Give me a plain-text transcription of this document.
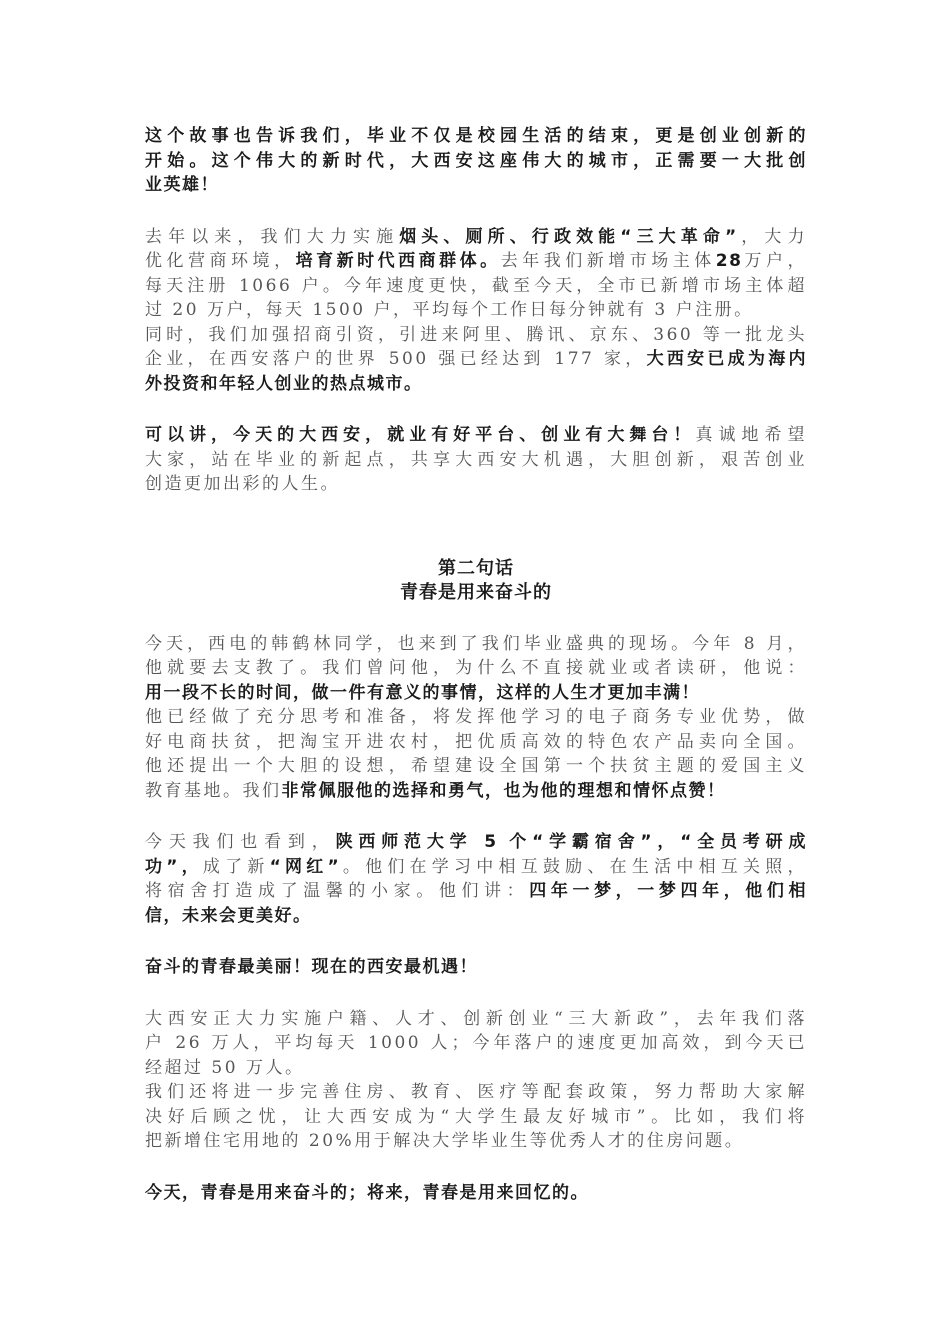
这个故事也告诉我们，毕业不仅是校园生活的结束，更是创业创新的
开始。这个伟大的新时代，大西安这座伟大的城市，正需要一大批创
业英雄！
去年以来，我们大力实施烟头、厕所、行政效能“三大革命”，大力
优化营商环境，培育新时代西商群体。去年我们新增市场主体28万户，
每天注册 1066 户。今年速度更快，截至今天，全市已新增市场主体超
过 20 万户，每天 1500 户，平均每个工作日每分钟就有 3 户注册。
同时，我们加强招商引资，引进来阿里、腾讯、京东、360 等一批龙头
企业，在西安落户的世界 500 强已经达到 177 家，大西安已成为海内
外投资和年轻人创业的热点城市。
可以讲，今天的大西安，就业有好平台、创业有大舞台！真诚地希望
大家，站在毕业的新起点，共享大西安大机遇，大胆创新，艰苦创业
创造更加出彩的人生。
第二句话
青春是用来奋斗的
今天，西电的韩鹤林同学，也来到了我们毕业盛典的现场。今年 8 月，
他就要去支教了。我们曾问他，为什么不直接就业或者读研，他说：
用一段不长的时间，做一件有意义的事情，这样的人生才更加丰满！
他已经做了充分思考和准备，将发挥他学习的电子商务专业优势，做
好电商扶贫，把淘宝开进农村，把优质高效的特色农产品卖向全国。
他还提出一个大胆的设想，希望建设全国第一个扶贫主题的爱国主义
教育基地。我们非常佩服他的选择和勇气，也为他的理想和情怀点赞！
今天我们也看到，陕西师范大学 5 个“学霸宿舍”，“全员考研成
功”，成了新“网红”。他们在学习中相互鼓励、在生活中相互关照，
将宿舍打造成了温馨的小家。他们讲：四年一梦，一梦四年，他们相
信，未来会更美好。
奋斗的青春最美丽！现在的西安最机遇！
大西安正大力实施户籍、人才、创新创业“三大新政”，去年我们落
户 26 万人，平均每天 1000 人；今年落户的速度更加高效，到今天已
经超过 50 万人。
我们还将进一步完善住房、教育、医疗等配套政策，努力帮助大家解
决好后顾之忧，让大西安成为“大学生最友好城市”。比如，我们将
把新增住宅用地的 20%用于解决大学毕业生等优秀人才的住房问题。
今天，青春是用来奋斗的；将来，青春是用来回忆的。
